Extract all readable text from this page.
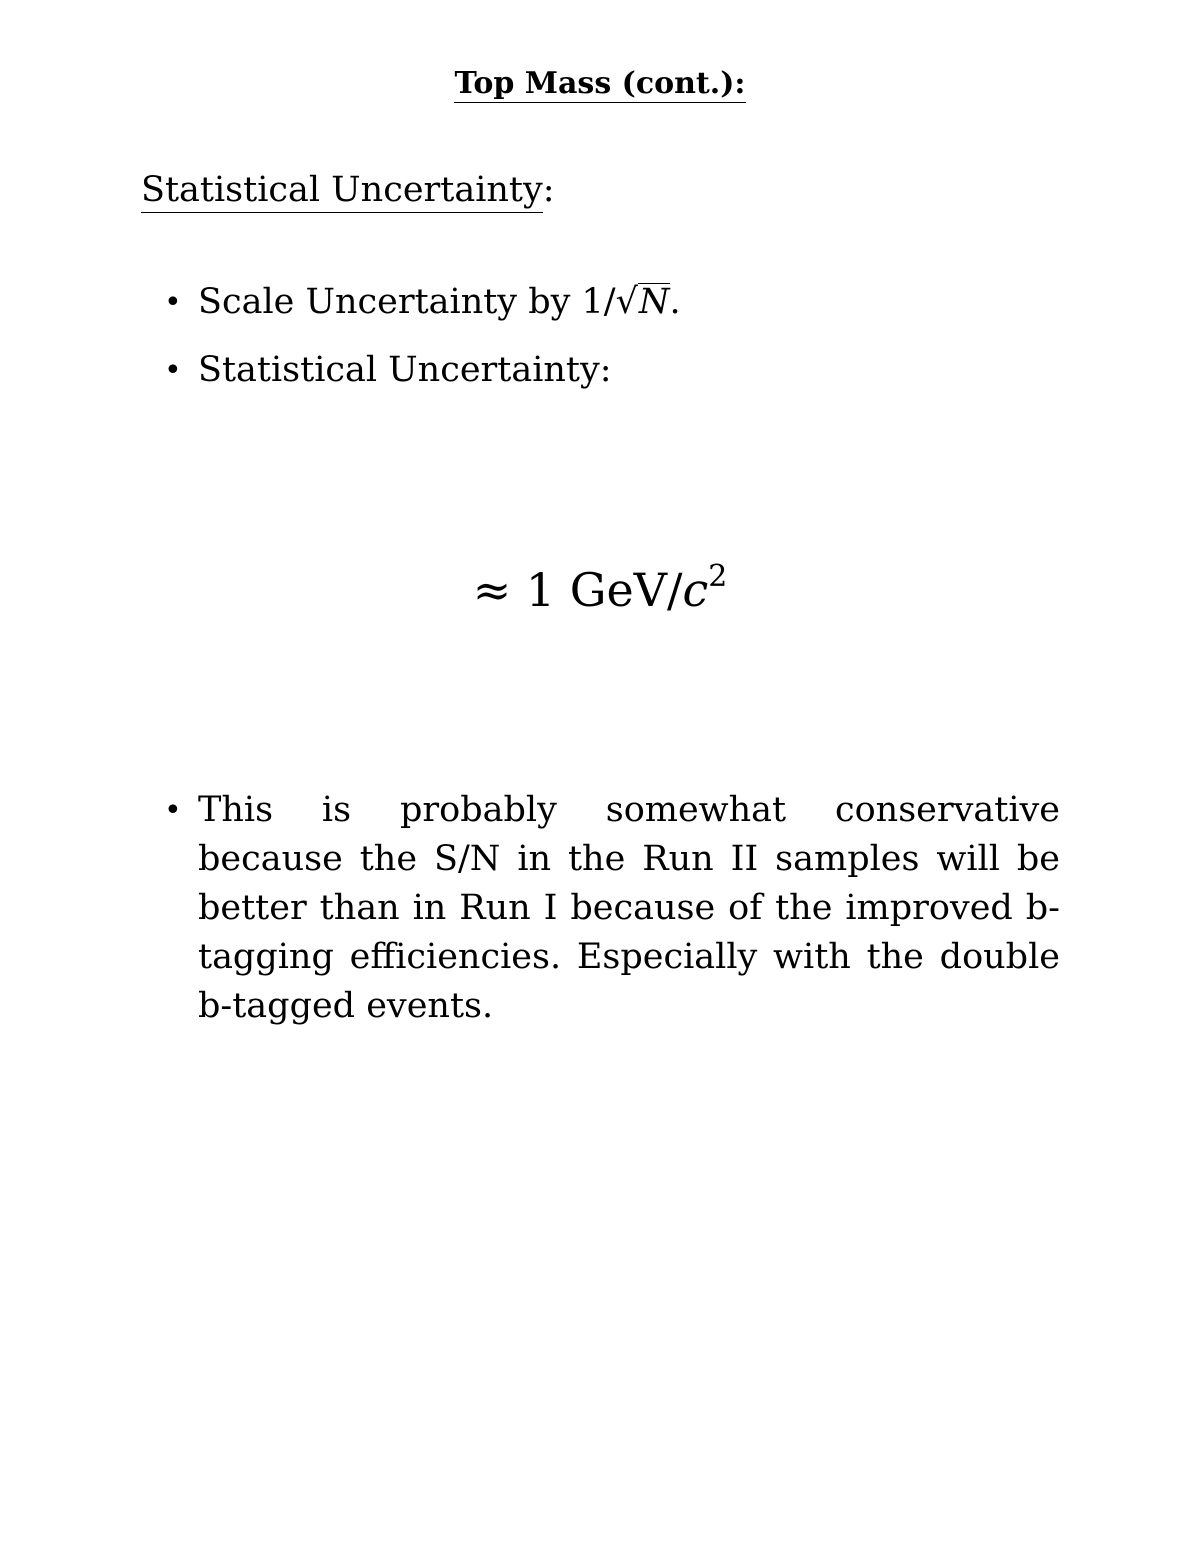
Top Mass (cont.):
Statistical Uncertainty:
• Scale Uncertainty by 1/√N.
• Statistical Uncertainty:
≈ 1 GeV/$c^2$
• This is probably somewhat conservative because the S/N in the Run II samples will be better than in Run I because of the improved b-tagging efficiencies. Especially with the double b-tagged events.
